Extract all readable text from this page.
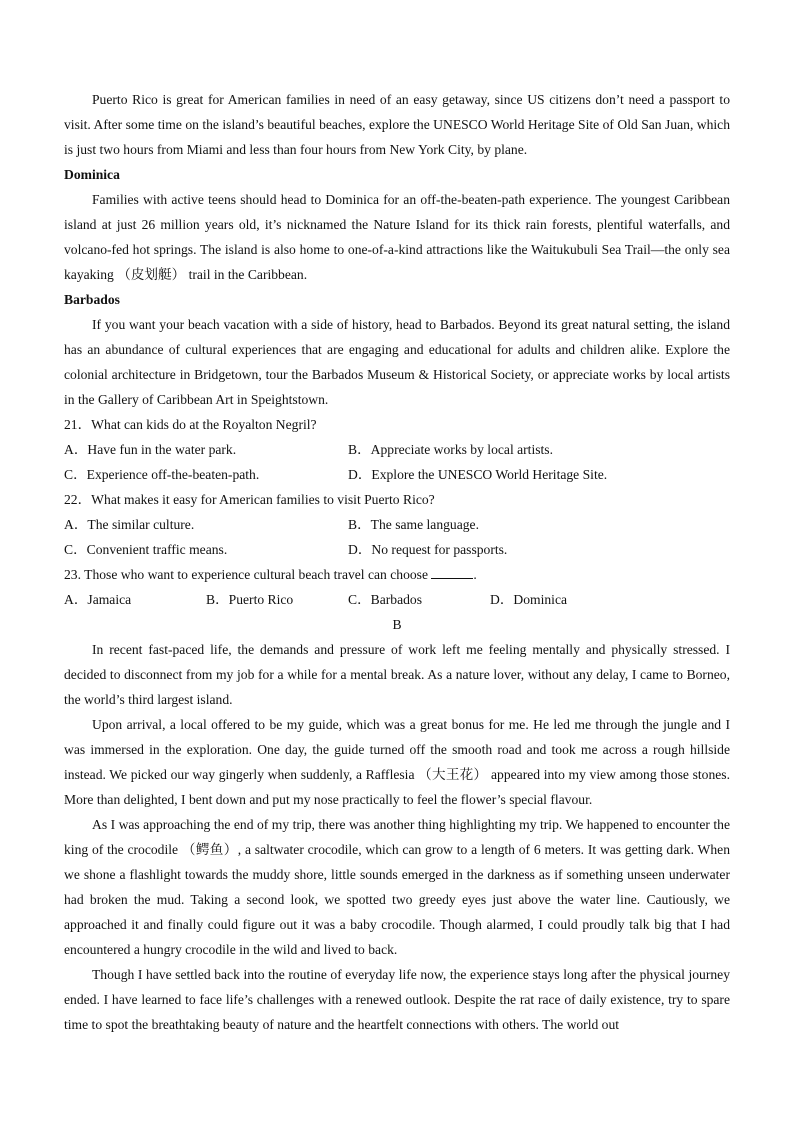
Puerto Rico is great for American families in need of an easy getaway, since US citizens don’t need a passport to visit. After some time on the island’s beautiful beaches, explore the UNESCO World Heritage Site of Old San Juan, which is just two hours from Miami and less than four hours from New York City, by plane.

Dominica

Families with active teens should head to Dominica for an off-the-beaten-path experience. The youngest Caribbean island at just 26 million years old, it’s nicknamed the Nature Island for its thick rain forests, plentiful waterfalls, and volcano-fed hot springs. The island is also home to one-of-a-kind attractions like the Waitukubuli Sea Trail—the only sea kayaking （皮划艇） trail in the Caribbean.

Barbados

If you want your beach vacation with a side of history, head to Barbados. Beyond its great natural setting, the island has an abundance of cultural experiences that are engaging and educational for adults and children alike. Explore the colonial architecture in Bridgetown, tour the Barbados Museum & Historical Society, or appreciate works by local artists in the Gallery of Caribbean Art in Speightstown.

21．What can kids do at the Royalton Negril?

A．Have fun in the water park.	B．Appreciate works by local artists.
C．Experience off-the-beaten-path.	D．Explore the UNESCO World Heritage Site.

22．What makes it easy for American families to visit Puerto Rico?

A．The similar culture.	B．The same language.
C．Convenient traffic means.	D．No request for passports.

23. Those who want to experience cultural beach travel can choose	.

A．Jamaica	B．Puerto Rico	C．Barbados	D．Dominica

B

In recent fast-paced life, the demands and pressure of work left me feeling mentally and physically stressed. I decided to disconnect from my job for a while for a mental break. As a nature lover, without any delay, I came to Borneo, the world’s third largest island.

Upon arrival, a local offered to be my guide, which was a great bonus for me. He led me through the jungle and I was immersed in the exploration. One day, the guide turned off the smooth road and took me across a rough hillside instead. We picked our way gingerly when suddenly, a Rafflesia （大王花） appeared into my view among those stones. More than delighted, I bent down and put my nose practically to feel the flower’s special flavour.

As I was approaching the end of my trip, there was another thing highlighting my trip. We happened to encounter the king of the crocodile （鳄鱼）, a saltwater crocodile, which can grow to a length of 6 meters. It was getting dark. When we shone a flashlight towards the muddy shore, little sounds emerged in the darkness as if something unseen underwater had broken the mud. Taking a second look, we spotted two greedy eyes just above the water line. Cautiously, we approached it and finally could figure out it was a baby crocodile. Though alarmed, I could proudly talk big that I had encountered a hungry crocodile in the wild and lived to back.

Though I have settled back into the routine of everyday life now, the experience stays long after the physical journey ended. I have learned to face life’s challenges with a renewed outlook. Despite the rat race of daily existence, try to spare time to spot the breathtaking beauty of nature and the heartfelt connections with others. The world out
